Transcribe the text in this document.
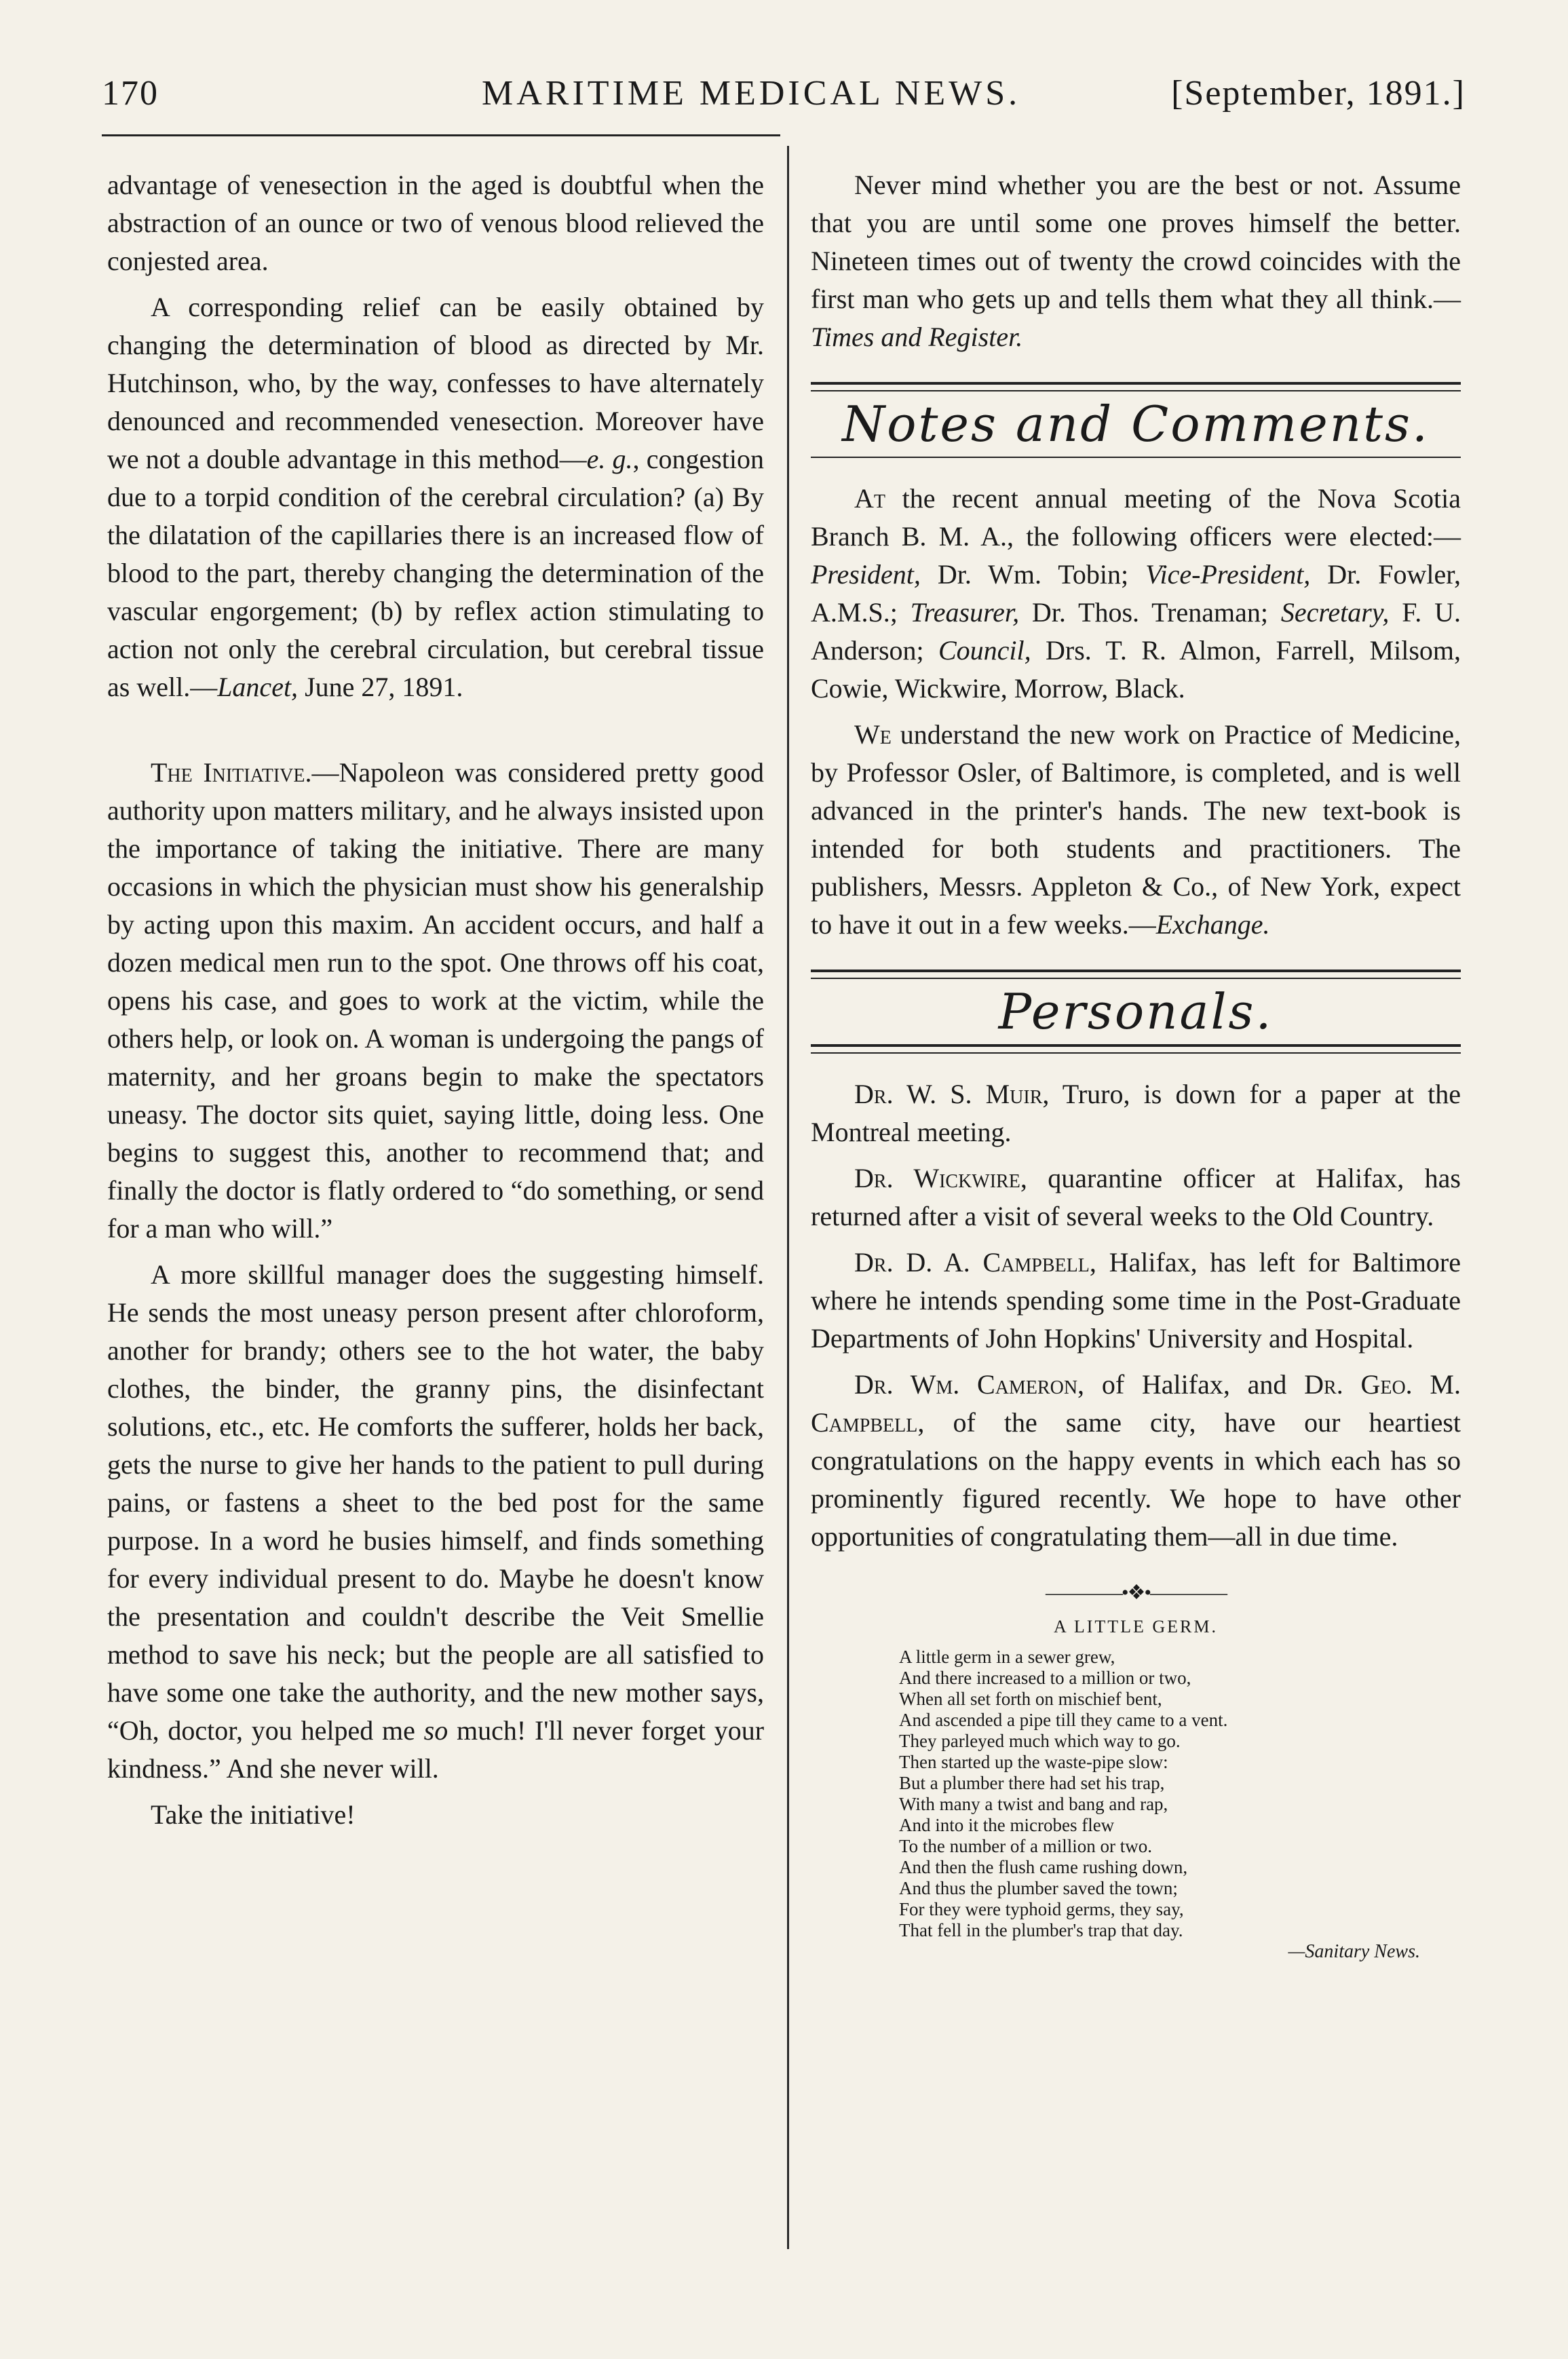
170	MARITIME MEDICAL NEWS.	[September, 1891.]

advantage of venesection in the aged is doubtful when the abstraction of an ounce or two of venous blood relieved the conjested area.

A corresponding relief can be easily obtained by changing the determination of blood as directed by Mr. Hutchinson, who, by the way, confesses to have alternately denounced and recommended venesection. Moreover have we not a double advantage in this method—e. g., congestion due to a torpid condition of the cerebral circulation? (a) By the dilatation of the capillaries there is an increased flow of blood to the part, thereby changing the determination of the vascular engorgement; (b) by reflex action stimulating to action not only the cerebral circulation, but cerebral tissue as well.—Lancet, June 27, 1891.

The Initiative.—Napoleon was considered pretty good authority upon matters military, and he always insisted upon the importance of taking the initiative. There are many occasions in which the physician must show his generalship by acting upon this maxim. An accident occurs, and half a dozen medical men run to the spot. One throws off his coat, opens his case, and goes to work at the victim, while the others help, or look on. A woman is undergoing the pangs of maternity, and her groans begin to make the spectators uneasy. The doctor sits quiet, saying little, doing less. One begins to suggest this, another to recommend that; and finally the doctor is flatly ordered to “do something, or send for a man who will.”

A more skillful manager does the suggesting himself. He sends the most uneasy person present after chloroform, another for brandy; others see to the hot water, the baby clothes, the binder, the granny pins, the disinfectant solutions, etc., etc. He comforts the sufferer, holds her back, gets the nurse to give her hands to the patient to pull during pains, or fastens a sheet to the bed post for the same purpose. In a word he busies himself, and finds something for every individual present to do. Maybe he doesn't know the presentation and couldn't describe the Veit Smellie method to save his neck; but the people are all satisfied to have some one take the authority, and the new mother says, “Oh, doctor, you helped me so much! I'll never forget your kindness.” And she never will.

Take the initiative!

Never mind whether you are the best or not. Assume that you are until some one proves himself the better. Nineteen times out of twenty the crowd coincides with the first man who gets up and tells them what they all think.—Times and Register.

Notes and Comments.

At the recent annual meeting of the Nova Scotia Branch B. M. A., the following officers were elected:—President, Dr. Wm. Tobin; Vice-President, Dr. Fowler, A.M.S.; Treasurer, Dr. Thos. Trenaman; Secretary, F. U. Anderson; Council, Drs. T. R. Almon, Farrell, Milsom, Cowie, Wickwire, Morrow, Black.

We understand the new work on Practice of Medicine, by Professor Osler, of Baltimore, is completed, and is well advanced in the printer's hands. The new text-book is intended for both students and practitioners. The publishers, Messrs. Appleton & Co., of New York, expect to have it out in a few weeks.—Exchange.

Personals.

Dr. W. S. Muir, Truro, is down for a paper at the Montreal meeting.

Dr. Wickwire, quarantine officer at Halifax, has returned after a visit of several weeks to the Old Country.

Dr. D. A. Campbell, Halifax, has left for Baltimore where he intends spending some time in the Post-Graduate Departments of John Hopkins' University and Hospital.

Dr. Wm. Cameron, of Halifax, and Dr. Geo. M. Campbell, of the same city, have our heartiest congratulations on the happy events in which each has so prominently figured recently. We hope to have other opportunities of congratulating them—all in due time.

————•❖•————
A LITTLE GERM.
A little germ in a sewer grew,
And there increased to a million or two,
When all set forth on mischief bent,
And ascended a pipe till they came to a vent.
They parleyed much which way to go.
Then started up the waste-pipe slow:
But a plumber there had set his trap,
With many a twist and bang and rap,
And into it the microbes flew
To the number of a million or two.
And then the flush came rushing down,
And thus the plumber saved the town;
For they were typhoid germs, they say,
That fell in the plumber's trap that day.
—Sanitary News.
